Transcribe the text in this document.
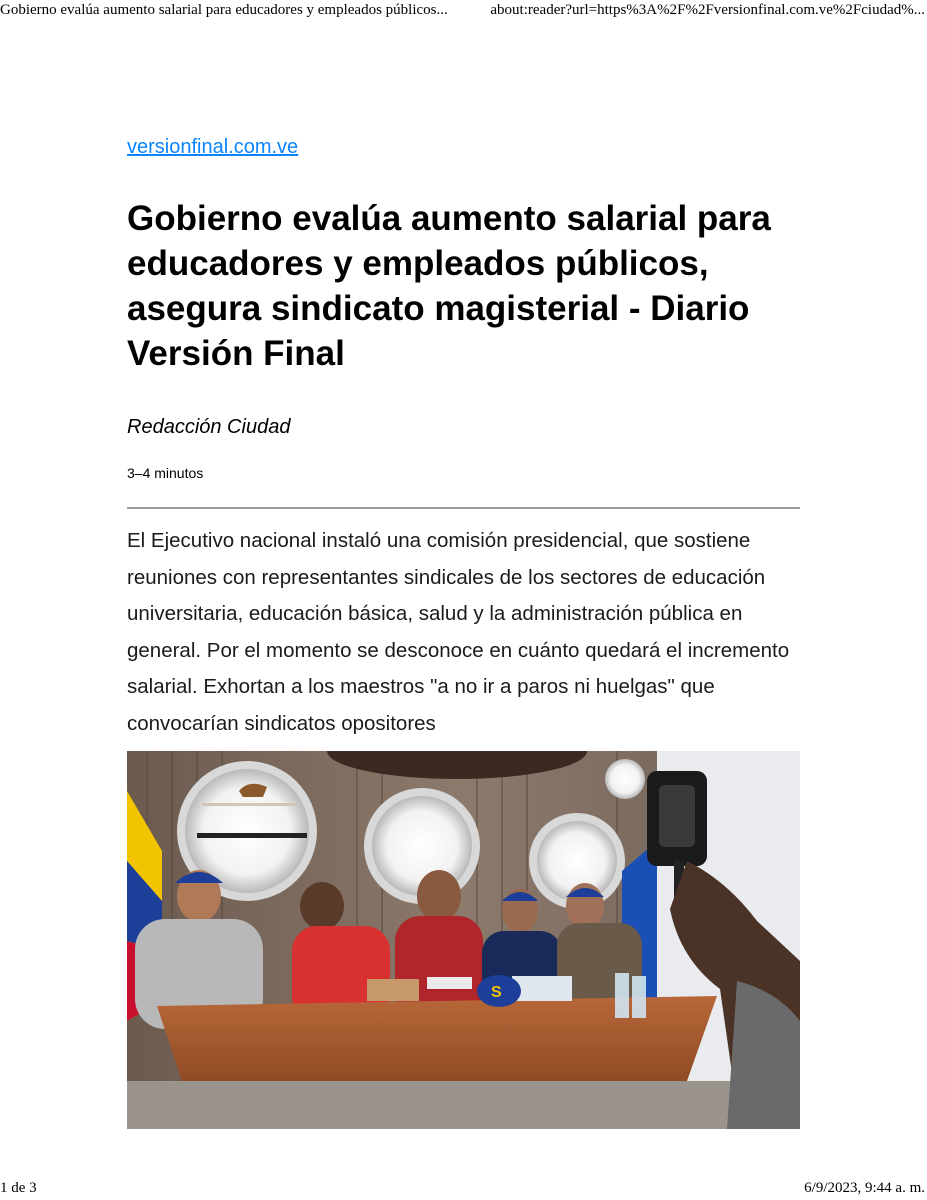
Gobierno evalúa aumento salarial para educadores y empleados públicos...	about:reader?url=https%3A%2F%2Fversionfinal.com.ve%2Fciudad%...
versionfinal.com.ve
Gobierno evalúa aumento salarial para educadores y empleados públicos, asegura sindicato magisterial - Diario Versión Final
Redacción Ciudad
3–4 minutos

El Ejecutivo nacional instaló una comisión presidencial, que sostiene reuniones con representantes sindicales de los sectores de educación universitaria, educación básica, salud y la administración pública en general. Por el momento se desconoce en cuánto quedará el incremento salarial. Exhortan a los maestros "a no ir a paros ni huelgas" que convocarían sindicatos opositores

S
1 de 3	6/9/2023, 9:44 a. m.
